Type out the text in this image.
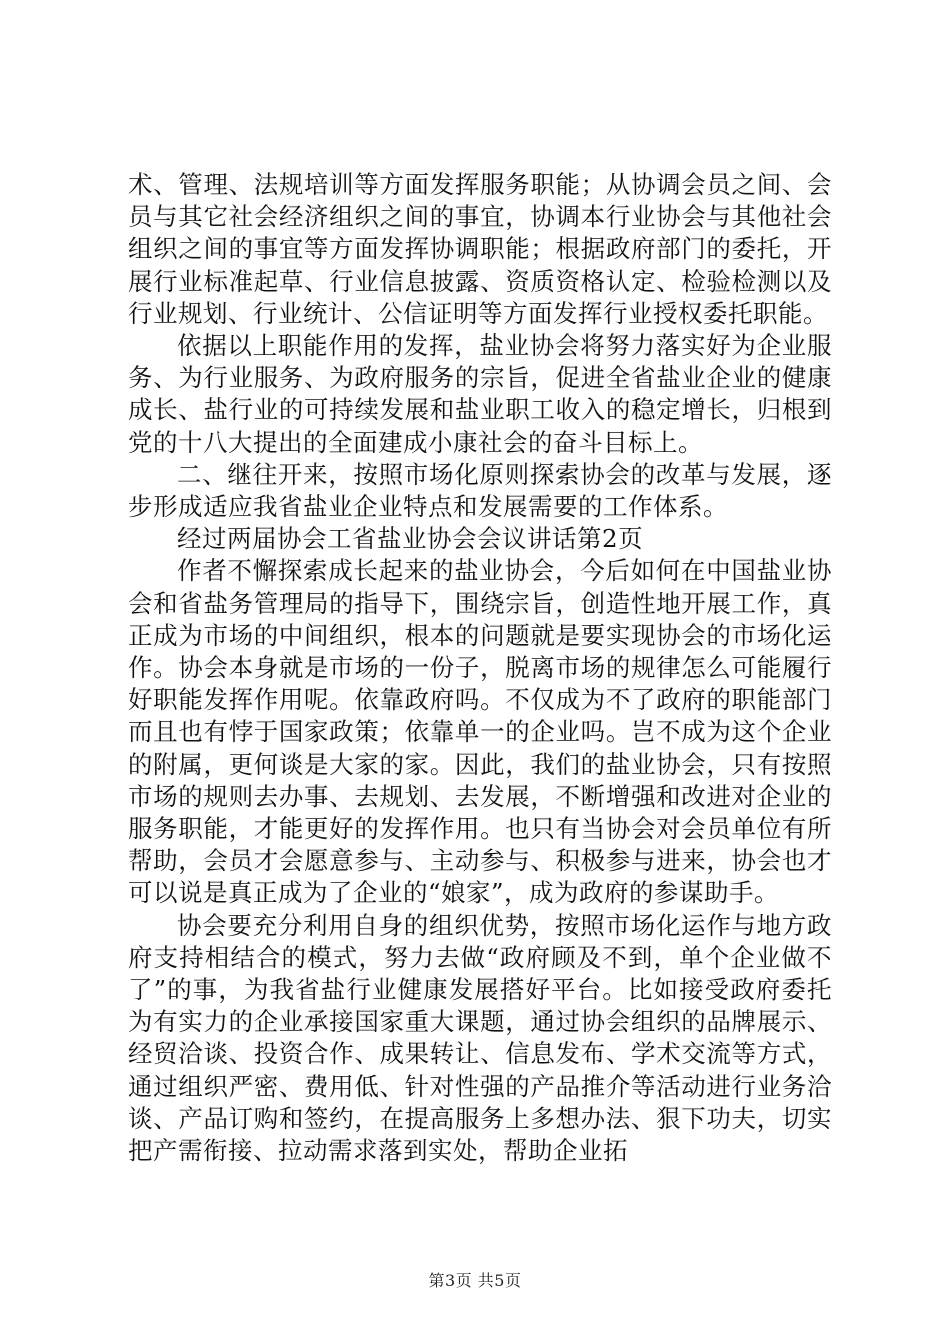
术、管理、法规培训等方面发挥服务职能；从协调会员之间、会员与其它社会经济组织之间的事宜，协调本行业协会与其他社会组织之间的事宜等方面发挥协调职能；根据政府部门的委托，开展行业标准起草、行业信息披露、资质资格认定、检验检测以及行业规划、行业统计、公信证明等方面发挥行业授权委托职能。

依据以上职能作用的发挥，盐业协会将努力落实好为企业服务、为行业服务、为政府服务的宗旨，促进全省盐业企业的健康成长、盐行业的可持续发展和盐业职工收入的稳定增长，归根到党的十八大提出的全面建成小康社会的奋斗目标上。

二、继往开来，按照市场化原则探索协会的改革与发展，逐步形成适应我省盐业企业特点和发展需要的工作体系。

经过两届协会工省盐业协会会议讲话第2页

作者不懈探索成长起来的盐业协会，今后如何在中国盐业协会和省盐务管理局的指导下，围绕宗旨，创造性地开展工作，真正成为市场的中间组织，根本的问题就是要实现协会的市场化运作。协会本身就是市场的一份子，脱离市场的规律怎么可能履行好职能发挥作用呢。依靠政府吗。不仅成为不了政府的职能部门而且也有悖于国家政策；依靠单一的企业吗。岂不成为这个企业的附属，更何谈是大家的家。因此，我们的盐业协会，只有按照市场的规则去办事、去规划、去发展，不断增强和改进对企业的服务职能，才能更好的发挥作用。也只有当协会对会员单位有所帮助，会员才会愿意参与、主动参与、积极参与进来，协会也才可以说是真正成为了企业的“娘家”，成为政府的参谋助手。

协会要充分利用自身的组织优势，按照市场化运作与地方政府支持相结合的模式，努力去做“政府顾及不到，单个企业做不了”的事，为我省盐行业健康发展搭好平台。比如接受政府委托为有实力的企业承接国家重大课题，通过协会组织的品牌展示、经贸洽谈、投资合作、成果转让、信息发布、学术交流等方式，通过组织严密、费用低、针对性强的产品推介等活动进行业务洽谈、产品订购和签约，在提高服务上多想办法、狠下功夫，切实把产需衔接、拉动需求落到实处，帮助企业拓

第3页 共5页
